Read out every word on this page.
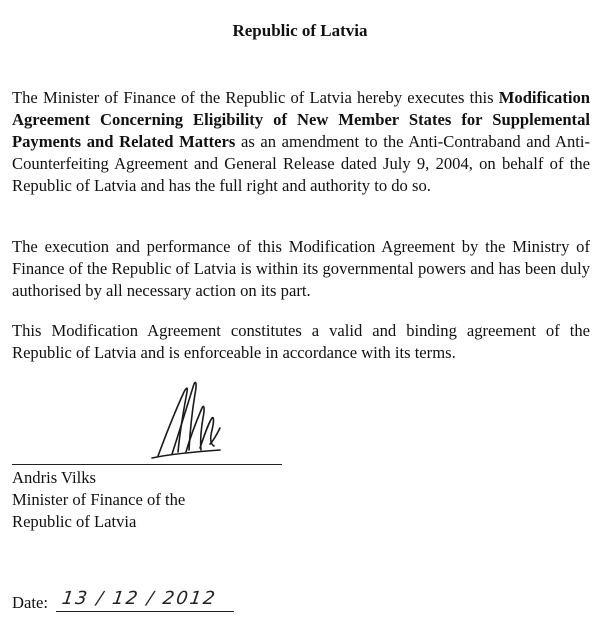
Republic of Latvia

The Minister of Finance of the Republic of Latvia hereby executes this Modification Agreement Concerning Eligibility of New Member States for Supplemental Payments and Related Matters as an amendment to the Anti-Contraband and Anti-Counterfeiting Agreement and General Release dated July 9, 2004, on behalf of the Republic of Latvia and has the full right and authority to do so.

The execution and performance of this Modification Agreement by the Ministry of Finance of the Republic of Latvia is within its governmental powers and has been duly authorised by all necessary action on its part.

This Modification Agreement constitutes a valid and binding agreement of the Republic of Latvia and is enforceable in accordance with its terms.

Andris Vilks
Minister of Finance of the
Republic of Latvia
Date: 13 / 12 / 2012
